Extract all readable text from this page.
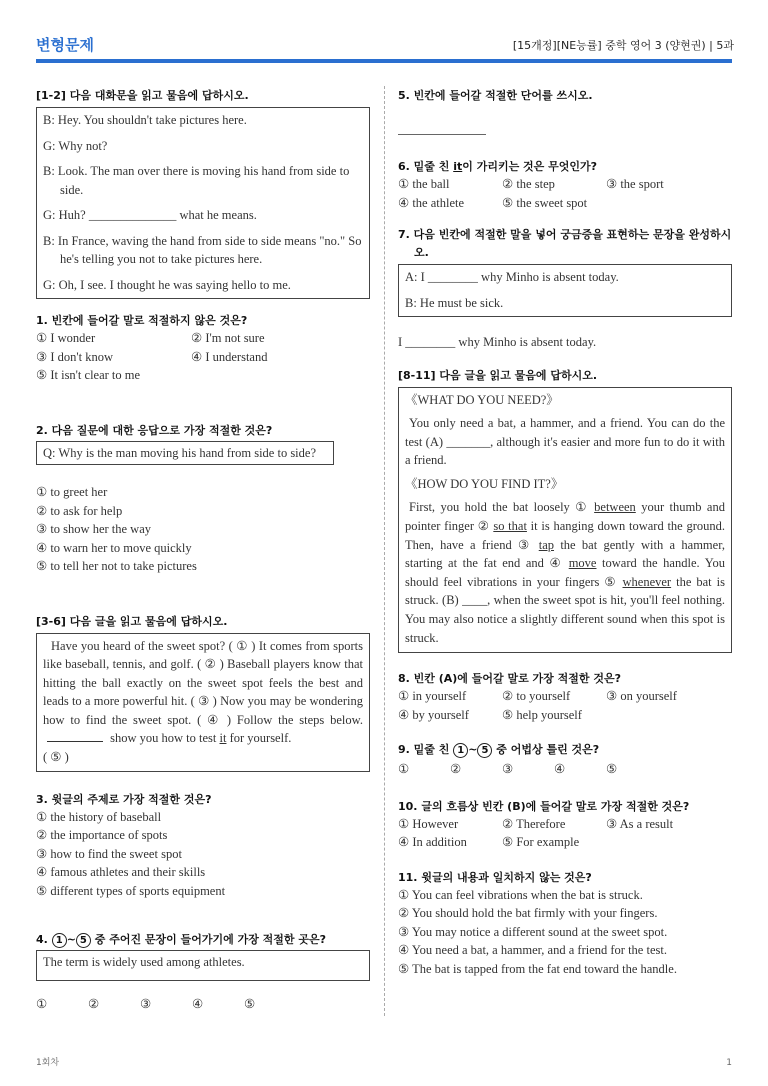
변형문제	[15개정][NE능률] 중학 영어 3 (양현권) | 5과
[1-2] 다음 대화문을 읽고 물음에 답하시오.

B: Hey. You shouldn't take pictures here.

G: Why not?

B: Look. The man over there is moving his hand from side to side.

G: Huh? ______________ what he means.

B: In France, waving the hand from side to side means "no." So he's telling you not to take pictures here.

G: Oh, I see. I thought he was saying hello to me.

1. 빈칸에 들어갈 말로 적절하지 않은 것은?
① I wonder	② I'm not sure
③ I don't know	④ I understand
⑤ It isn't clear to me
2. 다음 질문에 대한 응답으로 가장 적절한 것은?
Q: Why is the man moving his hand from side to side?
① to greet her
② to ask for help
③ to show her the way
④ to warn her to move quickly
⑤ to tell her not to take pictures
[3-6] 다음 글을 읽고 물음에 답하시오.
Have you heard of the sweet spot? ( ① ) It comes from sports like baseball, tennis, and golf. ( ② ) Baseball players know that hitting the ball exactly on the sweet spot feels the best and leads to a more powerful hit. ( ③ ) Now you may be wondering how to find the sweet spot. ( ④ ) Follow the steps below.  show you how to test it for yourself.
( ⑤ )
3. 윗글의 주제로 가장 적절한 것은?
① the history of baseball
② the importance of spots
③ how to find the sweet spot
④ famous athletes and their skills
⑤ different types of sports equipment
4. 1 ~ 5 중 주어진 문장이 들어가기에 가장 적절한 곳은?
The term is widely used among athletes.
①	②	③	④	⑤
5. 빈칸에 들어갈 적절한 단어를 쓰시오.
6. 밑줄 친 it이 가리키는 것은 무엇인가?
① the ball	② the step	③ the sport
④ the athlete	⑤ the sweet spot
7. 다음 빈칸에 적절한 말을 넣어 궁금증을 표현하는 문장을 완성하시오.
A: I ________ why Minho is absent today.
B: He must be sick.
I ________ why Minho is absent today.
[8-11] 다음 글을 읽고 물음에 답하시오.
《WHAT DO YOU NEED?》
You only need a bat, a hammer, and a friend. You can do the test (A) _______, although it's easier and more fun to do it with a friend.
《HOW DO YOU FIND IT?》
First, you hold the bat loosely ① between your thumb and pointer finger ② so that it is hanging down toward the ground. Then, have a friend ③ tap the bat gently with a hammer, starting at the fat end and ④ move toward the handle. You should feel vibrations in your fingers ⑤ whenever the bat is struck. (B) ____, when the sweet spot is hit, you'll feel nothing. You may also notice a slightly different sound when this spot is struck.
8. 빈칸 (A)에 들어갈 말로 가장 적절한 것은?
① in yourself	② to yourself	③ on yourself
④ by yourself	⑤ help yourself
9. 밑줄 친 1 ~ 5 중 어법상 틀린 것은?
①	②	③	④	⑤
10. 글의 흐름상 빈칸 (B)에 들어갈 말로 가장 적절한 것은?
① However	② Therefore	③ As a result
④ In addition	⑤ For example
11. 윗글의 내용과 일치하지 않는 것은?
① You can feel vibrations when the bat is struck.
② You should hold the bat firmly with your fingers.
③ You may notice a different sound at the sweet spot.
④ You need a bat, a hammer, and a friend for the test.
⑤ The bat is tapped from the fat end toward the handle.
1회차	1
